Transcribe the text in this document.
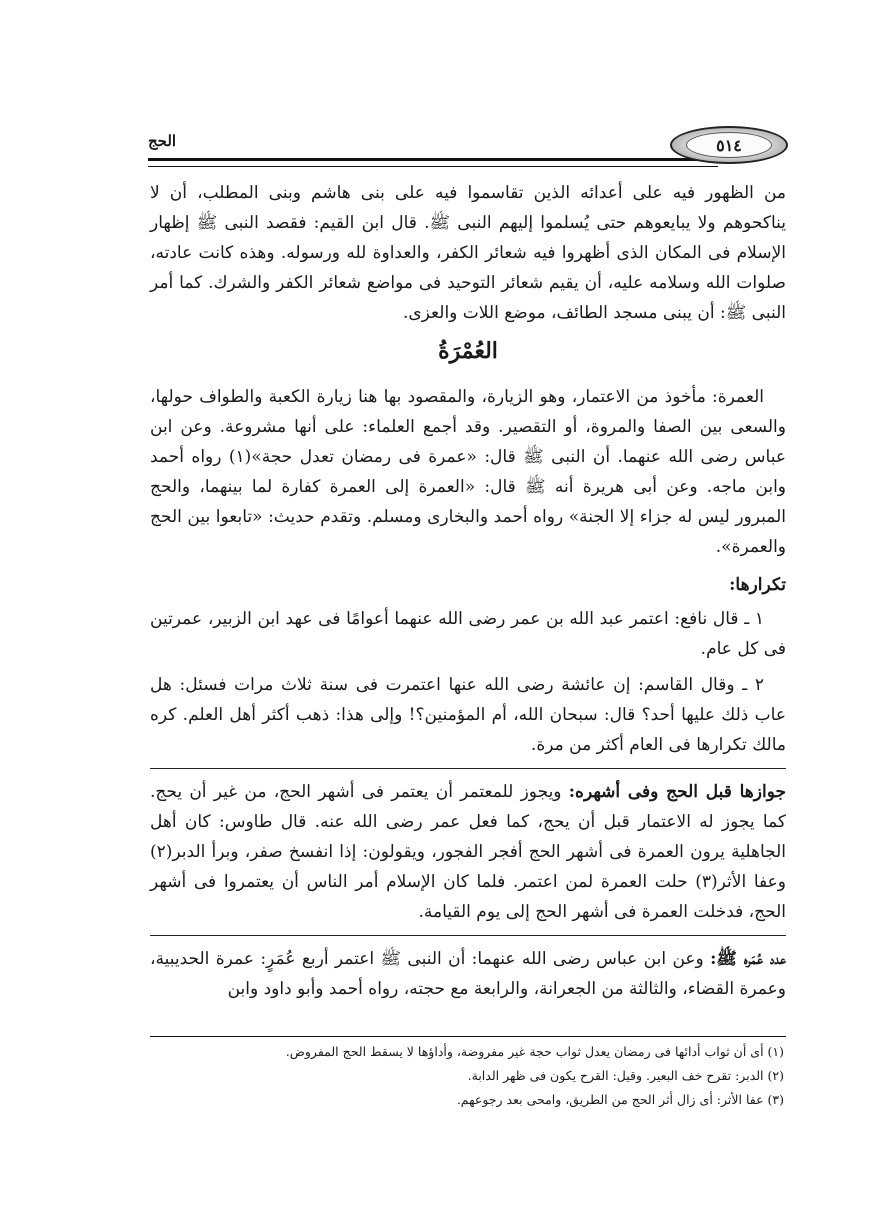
الحج	٥١٤

من الظهور فيه على أعدائه الذين تقاسموا فيه على بنى هاشم وبنى المطلب، أن لا يناكحوهم ولا يبايعوهم حتى يُسلموا إليهم النبى ﷺ. قال ابن القيم: فقصد النبى ﷺ إظهار الإسلام فى المكان الذى أظهروا فيه شعائر الكفر، والعداوة لله ورسوله. وهذه كانت عادته، صلوات الله وسلامه عليه، أن يقيم شعائر التوحيد فى مواضع شعائر الكفر والشرك. كما أمر النبى ﷺ: أن يبنى مسجد الطائف، موضع اللات والعزى.

العُمْرَةُ

العمرة: مأخوذ من الاعتمار، وهو الزيارة، والمقصود بها هنا زيارة الكعبة والطواف حولها، والسعى بين الصفا والمروة، أو التقصير. وقد أجمع العلماء: على أنها مشروعة. وعن ابن عباس رضى الله عنهما. أن النبى ﷺ قال: «عمرة فى رمضان تعدل حجة»(١) رواه أحمد وابن ماجه. وعن أبى هريرة أنه ﷺ قال: «العمرة إلى العمرة كفارة لما بينهما، والحج المبرور ليس له جزاء إلا الجنة» رواه أحمد والبخارى ومسلم. وتقدم حديث: «تابعوا بين الحج والعمرة».

تكرارها:

١ ـ قال نافع: اعتمر عبد الله بن عمر رضى الله عنهما أعوامًا فى عهد ابن الزبير، عمرتين فى كل عام.

٢ ـ وقال القاسم: إن عائشة رضى الله عنها اعتمرت فى سنة ثلاث مرات فسئل: هل عاب ذلك عليها أحد؟ قال: سبحان الله، أم المؤمنين؟! وإلى هذا: ذهب أكثر أهل العلم. كره مالك تكرارها فى العام أكثر من مرة.

جوازها قبل الحج وفى أشهره: ويجوز للمعتمر أن يعتمر فى أشهر الحج، من غير أن يحج. كما يجوز له الاعتمار قبل أن يحج، كما فعل عمر رضى الله عنه. قال طاوس: كان أهل الجاهلية يرون العمرة فى أشهر الحج أفجر الفجور، ويقولون: إذا انفسخ صفر، وبرأ الدبر(٢) وعفا الأثر(٣) حلت العمرة لمن اعتمر. فلما كان الإسلام أمر الناس أن يعتمروا فى أشهر الحج، فدخلت العمرة فى أشهر الحج إلى يوم القيامة.

عدد عُمَره ﷺ: وعن ابن عباس رضى الله عنهما: أن النبى ﷺ اعتمر أربع عُمَرٍ: عمرة الحديبية، وعمرة القضاء، والثالثة من الجعرانة، والرابعة مع حجته، رواه أحمد وأبو داود وابن

(١) أى أن ثواب أدائها فى رمضان يعدل ثواب حجة غير مفروضة، وأداؤها لا يسقط الحج المفروض.

(٢) الدبر: تقرح خف البعير. وقيل: القرح يكون فى ظهر الدابة.

(٣) عفا الأثر: أى زال أثر الحج من الطريق، وامحى بعد رجوعهم.
